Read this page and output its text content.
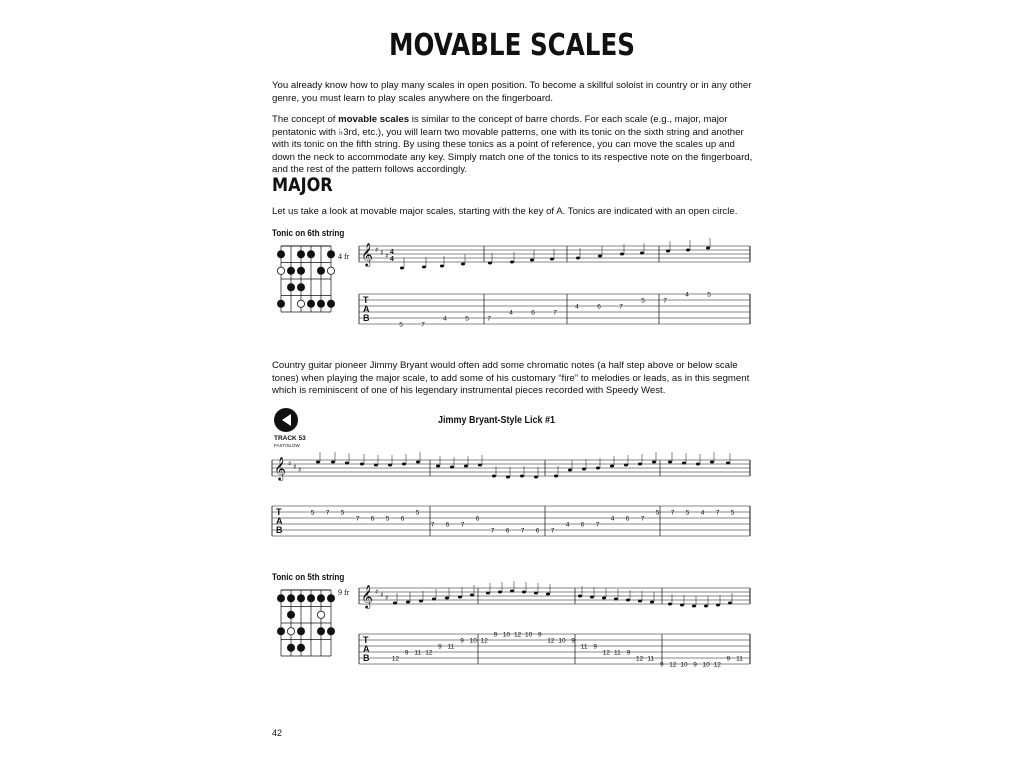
MOVABLE SCALES
You already know how to play many scales in open position. To become a skillful soloist in country or in any other genre, you must learn to play scales anywhere on the fingerboard.
The concept of movable scales is similar to the concept of barre chords. For each scale (e.g., major, major pentatonic with ♭3rd, etc.), you will learn two movable patterns, one with its tonic on the sixth string and another with its tonic on the fifth string. By using these tonics as a point of reference, you can move the scales up and down the neck to accommodate any key. Simply match one of the tonics to its respective note on the fingerboard, and the rest of the pattern follows accordingly.
MAJOR
Let us take a look at movable major scales, starting with the key of A. Tonics are indicated with an open circle.
Tonic on 6th string
4 fr
Country guitar pioneer Jimmy Bryant would often add some chromatic notes (a half step above or below scale tones) when playing the major scale, to add some of his customary “fire” to melodies or leads, as in this segment which is reminiscent of one of his legendary instrumental pieces recorded with Speedy West.
TRACK 53
FAST/SLOW
Jimmy Bryant-Style Lick #1
Tonic on 5th string
9 fr
42
𝄞 ♯ ♯ ♯ 4
4
𝄞 ♯ ♯ ♯
𝄞 ♯ ♯ ♯
T
A
B
5	7
4	5	7
4	6	7
4	6	7
5	7
4	5
T
A
B
5 7 5
7 6 5 6
5
7 6 7
6
7 6 7 6 7
4 6 7
4 6 7
5 7 5 4 7 5
T
A
B	12
9 11 12
9 11
9 10 12
9 10 12 10 9
12 10 9
11 9
12 11 9
12 11
9 12 10 9 10 12
9 11
